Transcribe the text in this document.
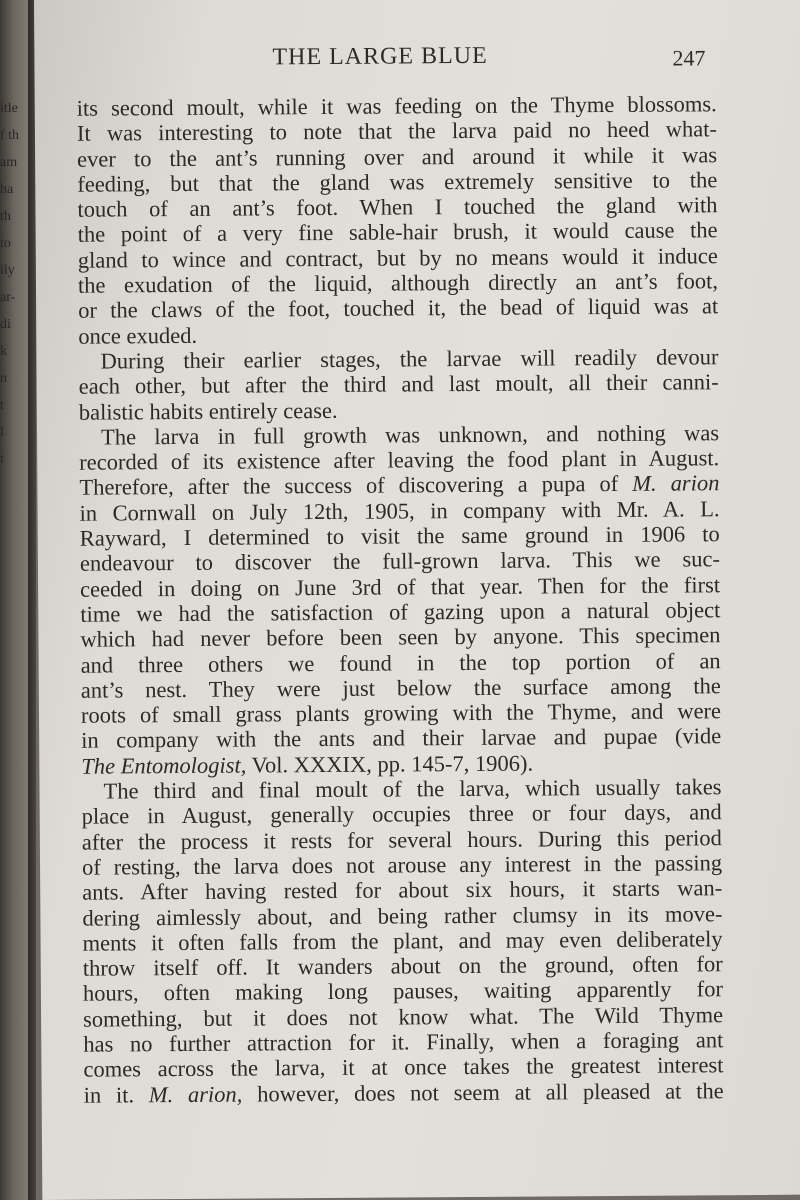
itle
f th
am
ha
th
to
ily
ar-
di
k
n
t
l
t
THE LARGE BLUE	247
its second moult, while it was feeding on the Thyme blossoms.
It was interesting to note that the larva paid no heed what-
ever to the ant’s running over and around it while it was
feeding, but that the gland was extremely sensitive to the
touch of an ant’s foot. When I touched the gland with
the point of a very fine sable-hair brush, it would cause the
gland to wince and contract, but by no means would it induce
the exudation of the liquid, although directly an ant’s foot,
or the claws of the foot, touched it, the bead of liquid was at
once exuded.
During their earlier stages, the larvae will readily devour
each other, but after the third and last moult, all their canni-
balistic habits entirely cease.
The larva in full growth was unknown, and nothing was
recorded of its existence after leaving the food plant in August.
Therefore, after the success of discovering a pupa of M. arion
in Cornwall on July 12th, 1905, in company with Mr. A. L.
Rayward, I determined to visit the same ground in 1906 to
endeavour to discover the full-grown larva. This we suc-
ceeded in doing on June 3rd of that year. Then for the first
time we had the satisfaction of gazing upon a natural object
which had never before been seen by anyone. This specimen
and three others we found in the top portion of an
ant’s nest. They were just below the surface among the
roots of small grass plants growing with the Thyme, and were
in company with the ants and their larvae and pupae (vide
The Entomologist, Vol. XXXIX, pp. 145-7, 1906).
The third and final moult of the larva, which usually takes
place in August, generally occupies three or four days, and
after the process it rests for several hours. During this period
of resting, the larva does not arouse any interest in the passing
ants. After having rested for about six hours, it starts wan-
dering aimlessly about, and being rather clumsy in its move-
ments it often falls from the plant, and may even deliberately
throw itself off. It wanders about on the ground, often for
hours, often making long pauses, waiting apparently for
something, but it does not know what. The Wild Thyme
has no further attraction for it. Finally, when a foraging ant
comes across the larva, it at once takes the greatest interest
in it. M. arion, however, does not seem at all pleased at the
